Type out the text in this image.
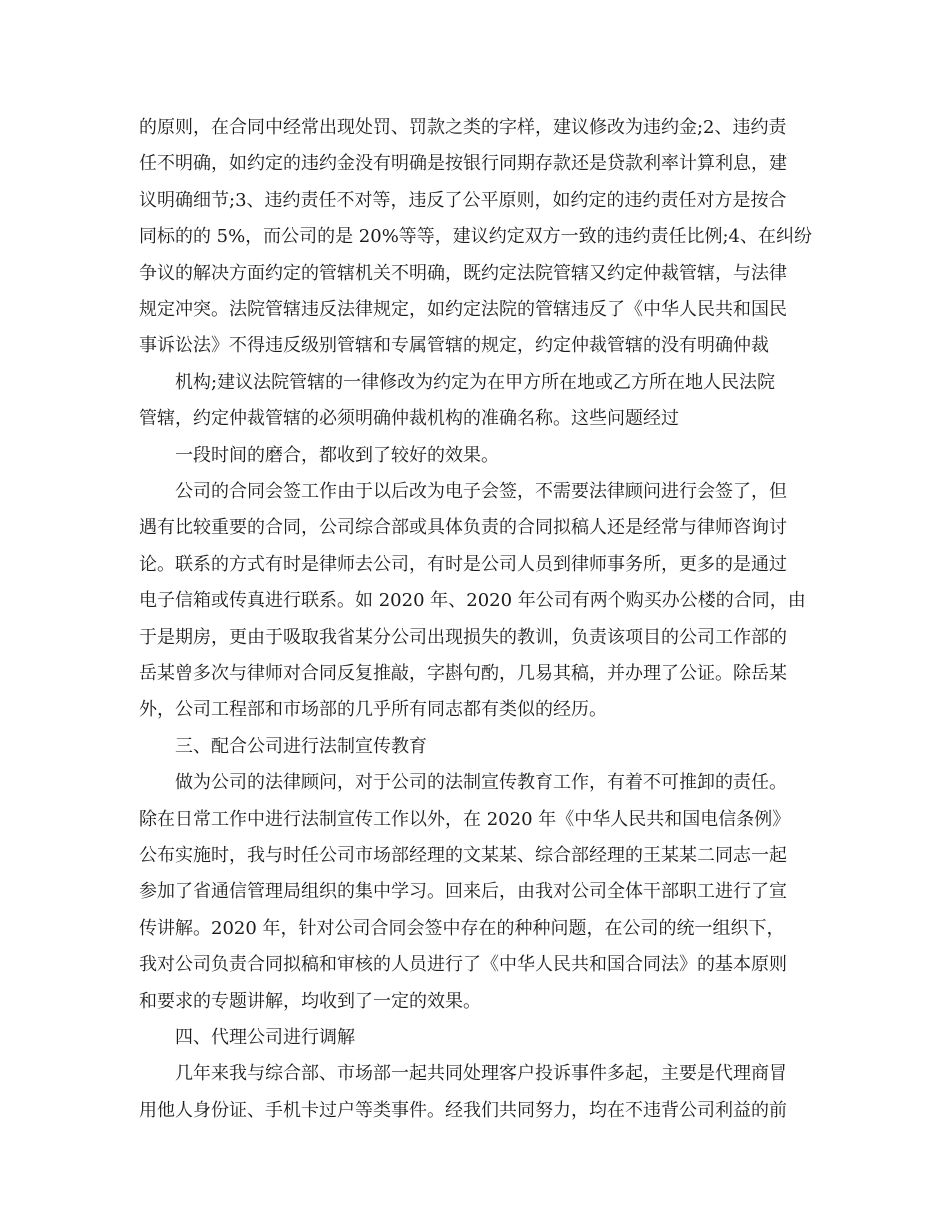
的原则，在合同中经常出现处罚、罚款之类的字样，建议修改为违约金;2、违约责
任不明确，如约定的违约金没有明确是按银行同期存款还是贷款利率计算利息，建
议明确细节;3、违约责任不对等，违反了公平原则，如约定的违约责任对方是按合
同标的的 5%，而公司的是 20%等等，建议约定双方一致的违约责任比例;4、在纠纷
争议的解决方面约定的管辖机关不明确，既约定法院管辖又约定仲裁管辖，与法律
规定冲突。法院管辖违反法律规定，如约定法院的管辖违反了《中华人民共和国民
事诉讼法》不得违反级别管辖和专属管辖的规定，约定仲裁管辖的没有明确仲裁
机构;建议法院管辖的一律修改为约定为在甲方所在地或乙方所在地人民法院
管辖，约定仲裁管辖的必须明确仲裁机构的准确名称。这些问题经过
一段时间的磨合，都收到了较好的效果。
公司的合同会签工作由于以后改为电子会签，不需要法律顾问进行会签了，但
遇有比较重要的合同，公司综合部或具体负责的合同拟稿人还是经常与律师咨询讨
论。联系的方式有时是律师去公司，有时是公司人员到律师事务所，更多的是通过
电子信箱或传真进行联系。如 2020 年、2020 年公司有两个购买办公楼的合同，由
于是期房，更由于吸取我省某分公司出现损失的教训，负责该项目的公司工作部的
岳某曾多次与律师对合同反复推敲，字斟句酌，几易其稿，并办理了公证。除岳某
外，公司工程部和市场部的几乎所有同志都有类似的经历。
三、配合公司进行法制宣传教育
做为公司的法律顾问，对于公司的法制宣传教育工作，有着不可推卸的责任。
除在日常工作中进行法制宣传工作以外，在 2020 年《中华人民共和国电信条例》
公布实施时，我与时任公司市场部经理的文某某、综合部经理的王某某二同志一起
参加了省通信管理局组织的集中学习。回来后，由我对公司全体干部职工进行了宣
传讲解。2020 年，针对公司合同会签中存在的种种问题，在公司的统一组织下，
我对公司负责合同拟稿和审核的人员进行了《中华人民共和国合同法》的基本原则
和要求的专题讲解，均收到了一定的效果。
四、代理公司进行调解
几年来我与综合部、市场部一起共同处理客户投诉事件多起，主要是代理商冒
用他人身份证、手机卡过户等类事件。经我们共同努力，均在不违背公司利益的前
